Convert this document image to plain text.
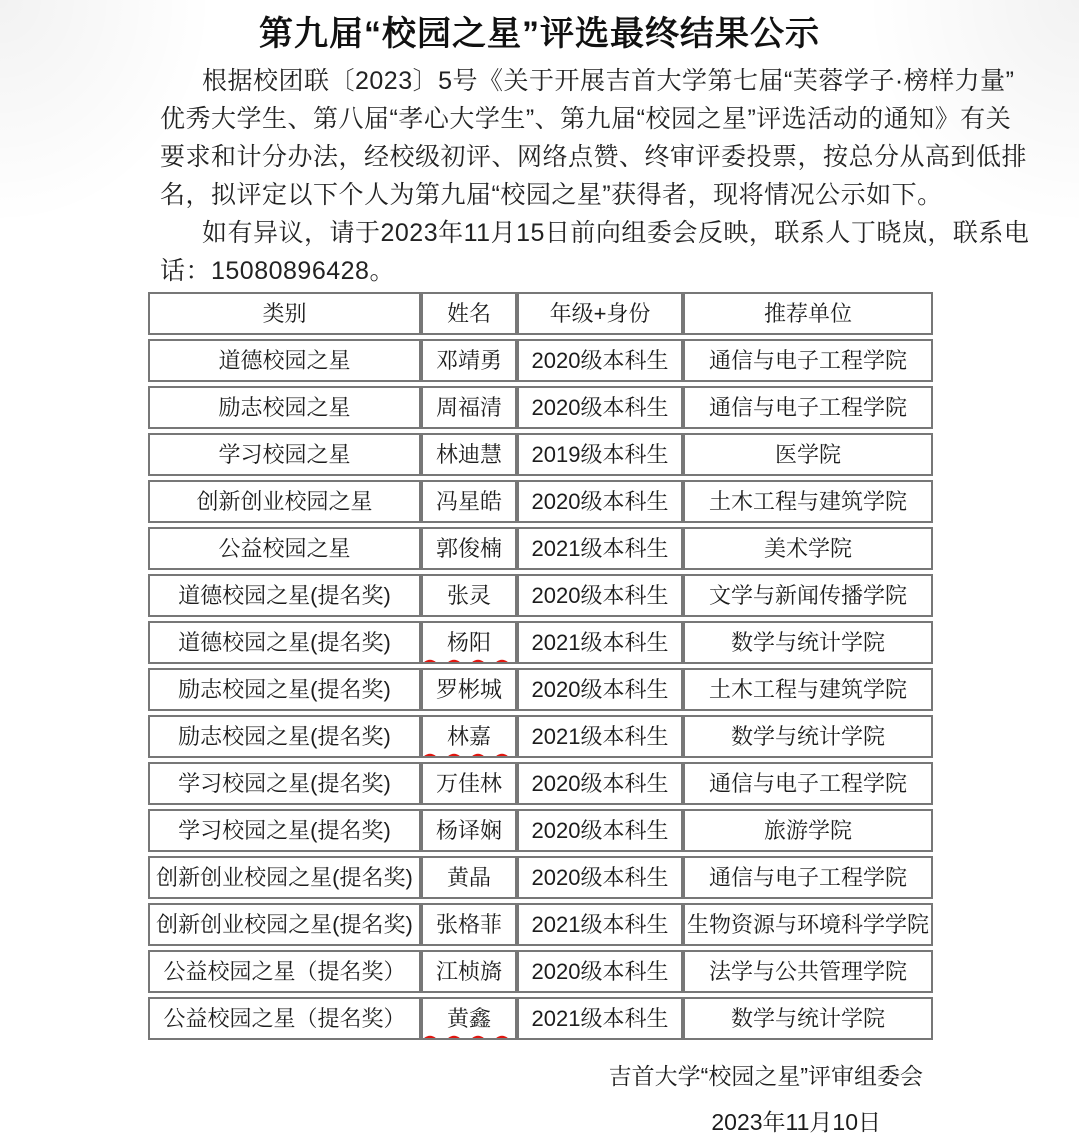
第九届“校园之星”评选最终结果公示
根据校团联〔2023〕5号《关于开展吉首大学第七届“芙蓉学子·榜样力量”
优秀大学生、第八届“孝心大学生”、第九届“校园之星”评选活动的通知》有关
要求和计分办法，经校级初评、网络点赞、终审评委投票，按总分从高到低排
名，拟评定以下个人为第九届“校园之星”获得者，现将情况公示如下。
如有异议，请于2023年11月15日前向组委会反映，联系人丁晓岚，联系电
话：15080896428。
类别	姓名	年级+身份	推荐单位
道德校园之星	邓靖勇	2020级本科生	通信与电子工程学院
励志校园之星	周福清	2020级本科生	通信与电子工程学院
学习校园之星	林迪慧	2019级本科生	医学院
创新创业校园之星	冯星皓	2020级本科生	土木工程与建筑学院
公益校园之星	郭俊楠	2021级本科生	美术学院
道德校园之星(提名奖)	张灵	2020级本科生	文学与新闻传播学院
道德校园之星(提名奖)	杨阳	2021级本科生	数学与统计学院
励志校园之星(提名奖)	罗彬城	2020级本科生	土木工程与建筑学院
励志校园之星(提名奖)	林嘉	2021级本科生	数学与统计学院
学习校园之星(提名奖)	万佳林	2020级本科生	通信与电子工程学院
学习校园之星(提名奖)	杨译娴	2020级本科生	旅游学院
创新创业校园之星(提名奖)	黄晶	2020级本科生	通信与电子工程学院
创新创业校园之星(提名奖)	张格菲	2021级本科生	生物资源与环境科学学院
公益校园之星（提名奖）	江桢旖	2020级本科生	法学与公共管理学院
公益校园之星（提名奖）	黄鑫	2021级本科生	数学与统计学院
吉首大学“校园之星”评审组委会
2023年11月10日
